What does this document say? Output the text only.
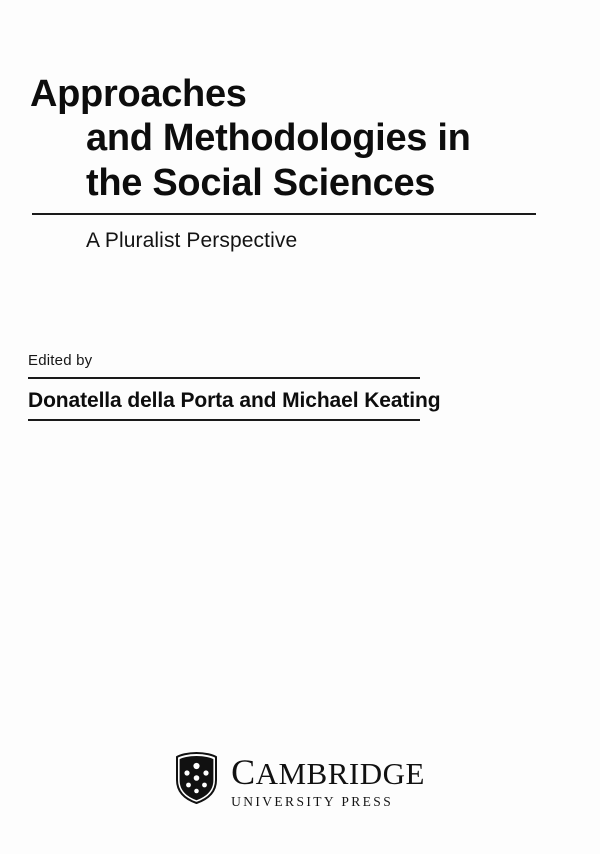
Approaches
and Methodologies in
the Social Sciences
A Pluralist Perspective
Edited by
Donatella della Porta and Michael Keating
CAMBRIDGE
UNIVERSITY PRESS
